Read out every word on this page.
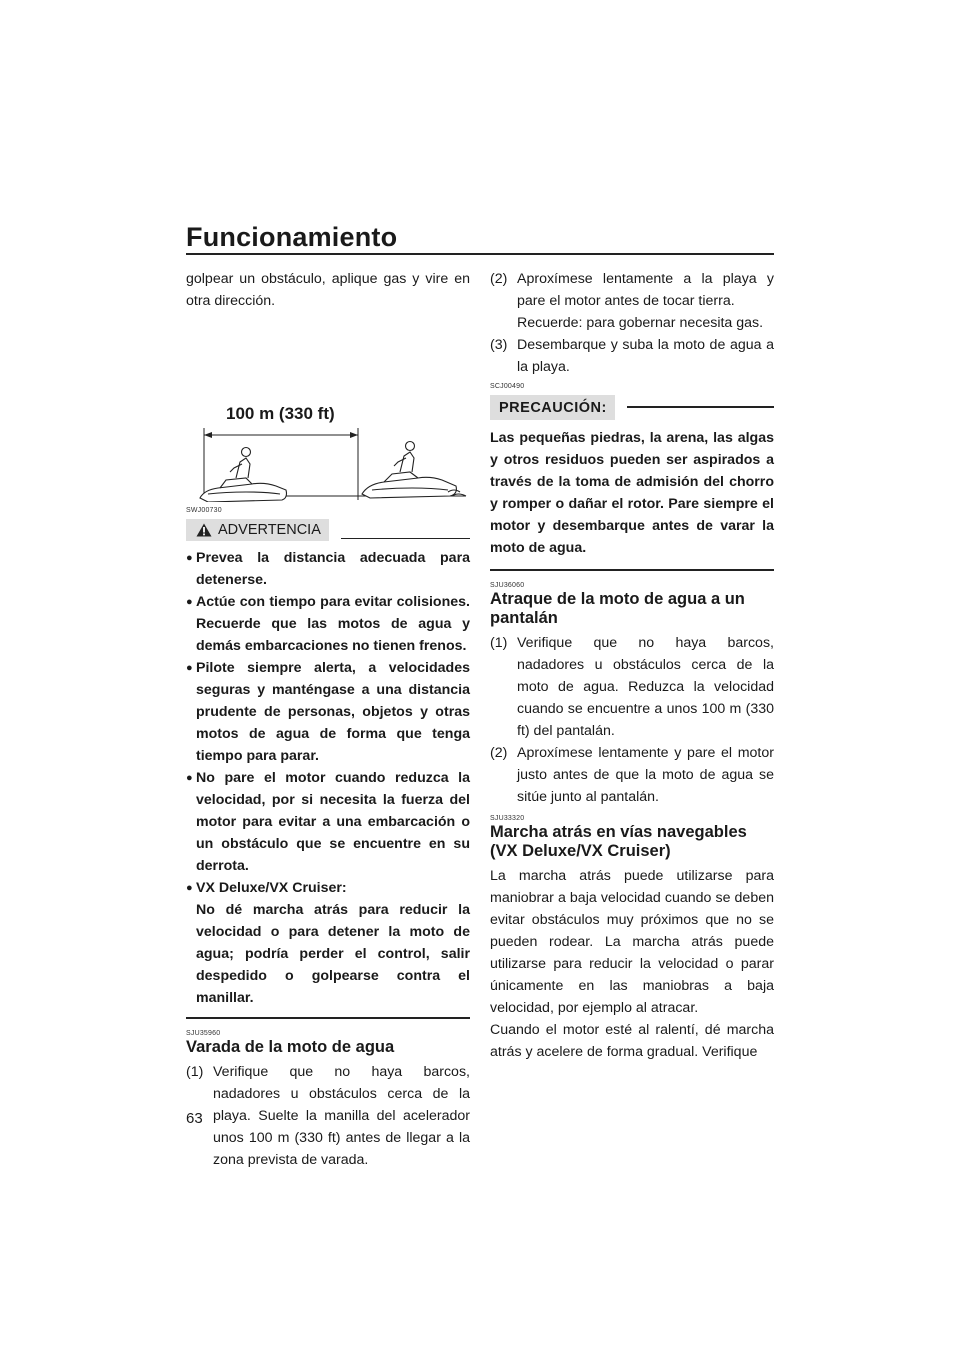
Funcionamiento

golpear un obstáculo, aplique gas y vire en otra dirección.

100 m (330 ft)
SWJ00730
ADVERTENCIA
● Prevea la distancia adecuada para detenerse.
● Actúe con tiempo para evitar colisiones. Recuerde que las motos de agua y demás embarcaciones no tienen frenos.
● Pilote siempre alerta, a velocidades seguras y manténgase a una distancia prudente de personas, objetos y otras motos de agua de forma que tenga tiempo para parar.
● No pare el motor cuando reduzca la velocidad, por si necesita la fuerza del motor para evitar a una embarcación o un obstáculo que se encuentre en su derrota.
● VX Deluxe/VX Cruiser:
No dé marcha atrás para reducir la velocidad o para detener la moto de agua; podría perder el control, salir despedido o golpearse contra el manillar.
SJU35960
Varada de la moto de agua
(1) Verifique que no haya barcos, nadadores u obstáculos cerca de la playa. Suelte la manilla del acelerador unos 100 m (330 ft) antes de llegar a la zona prevista de varada.
(2) Aproxímese lentamente a la playa y pare el motor antes de tocar tierra.
Recuerde: para gobernar necesita gas.
(3) Desembarque y suba la moto de agua a la playa.
SCJ00490
PRECAUCIÓN:

Las pequeñas piedras, la arena, las algas y otros residuos pueden ser aspirados a través de la toma de admisión del chorro y romper o dañar el rotor. Pare siempre el motor y desembarque antes de varar la moto de agua.

SJU36060
Atraque de la moto de agua a un pantalán
(1) Verifique que no haya barcos, nadadores u obstáculos cerca de la moto de agua. Reduzca la velocidad cuando se encuentre a unos 100 m (330 ft) del pantalán.
(2) Aproxímese lentamente y pare el motor justo antes de que la moto de agua se sitúe junto al pantalán.
SJU33320
Marcha atrás en vías navegables
(VX Deluxe/VX Cruiser)

La marcha atrás puede utilizarse para maniobrar a baja velocidad cuando se deben evitar obstáculos muy próximos que no se pueden rodear. La marcha atrás puede utilizarse para reducir la velocidad o parar únicamente en las maniobras a baja velocidad, por ejemplo al atracar.

Cuando el motor esté al ralentí, dé marcha atrás y acelere de forma gradual. Verifique

63
